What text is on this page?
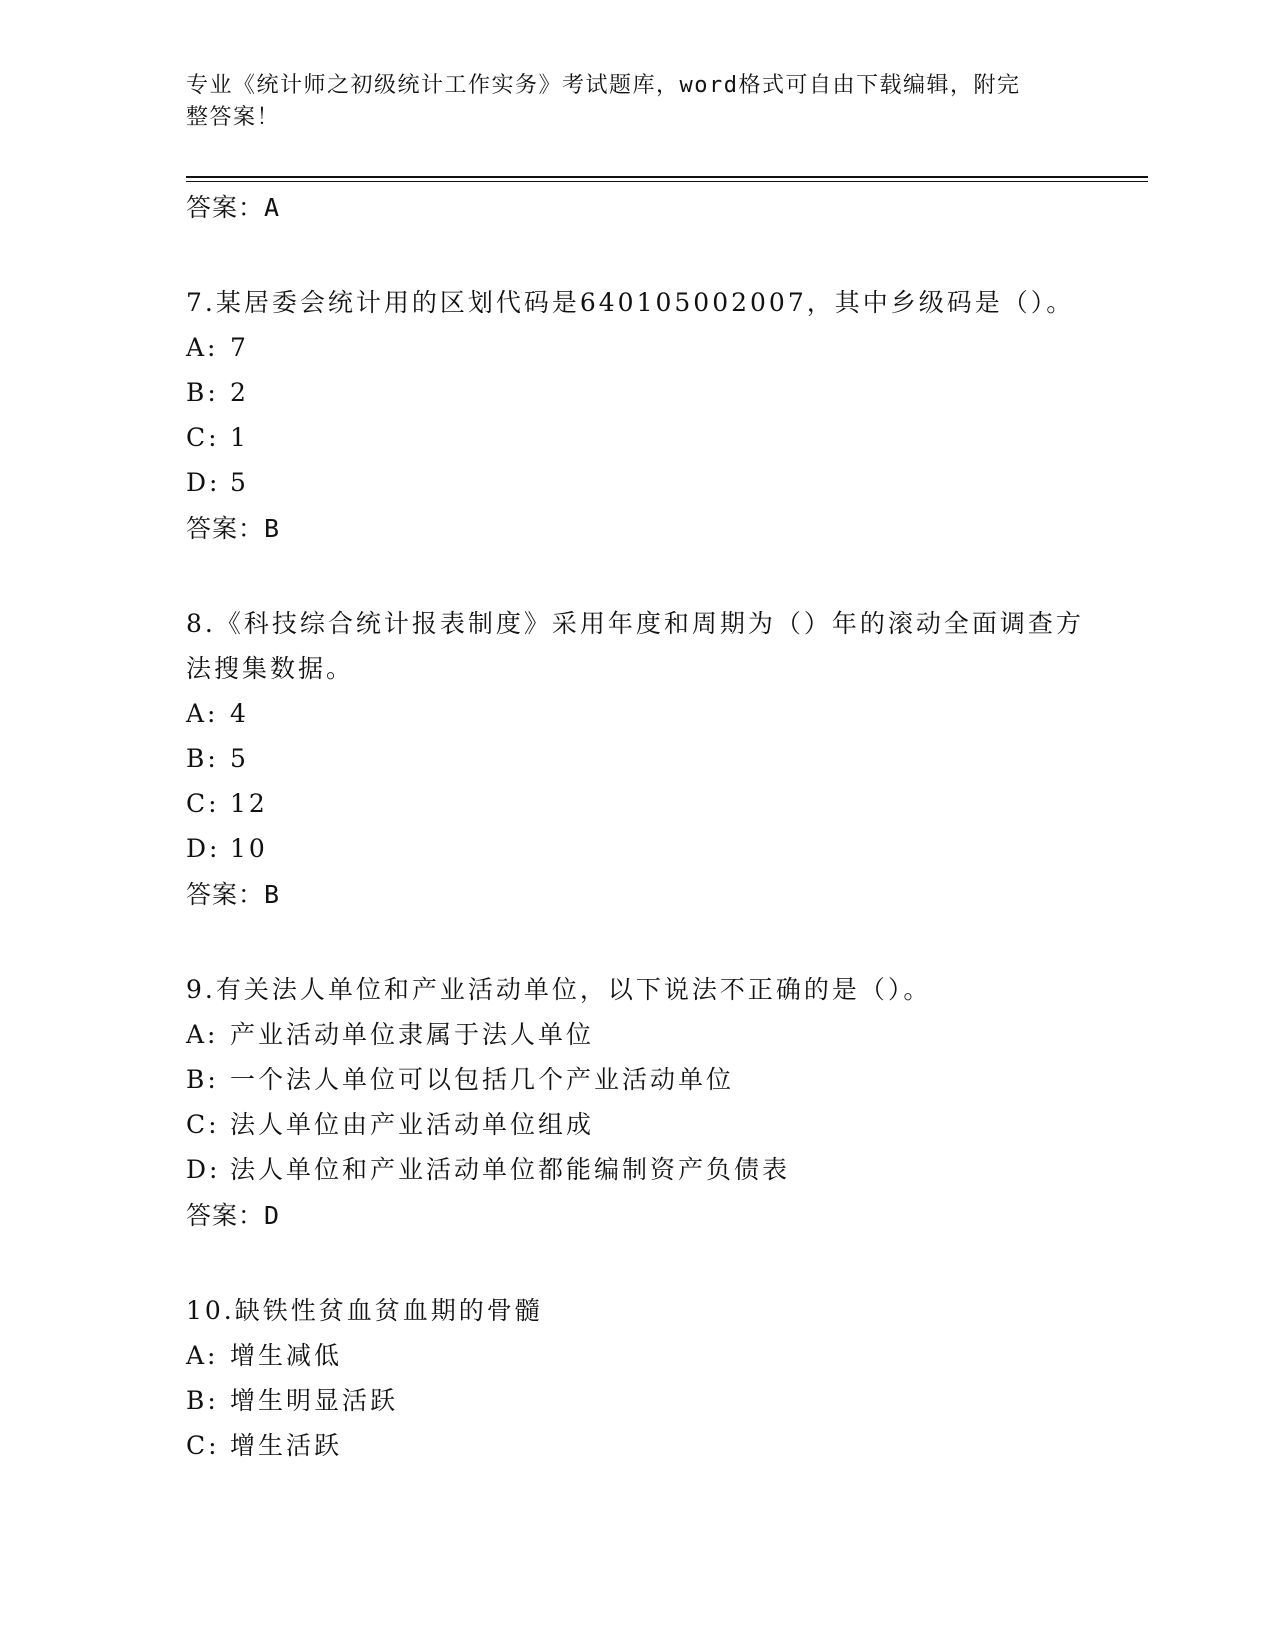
专业《统计师之初级统计工作实务》考试题库，word格式可自由下载编辑，附完
整答案！
答案：A
7.某居委会统计用的区划代码是640105002007，其中乡级码是（）。
A: 7
B: 2
C: 1
D: 5
答案：B
8.《科技综合统计报表制度》采用年度和周期为（）年的滚动全面调查方法搜集数据。
A: 4
B: 5
C: 12
D: 10
答案：B
9.有关法人单位和产业活动单位，以下说法不正确的是（）。
A: 产业活动单位隶属于法人单位
B: 一个法人单位可以包括几个产业活动单位
C: 法人单位由产业活动单位组成
D: 法人单位和产业活动单位都能编制资产负债表
答案：D
10.缺铁性贫血贫血期的骨髓
A: 增生减低
B: 增生明显活跃
C: 增生活跃
